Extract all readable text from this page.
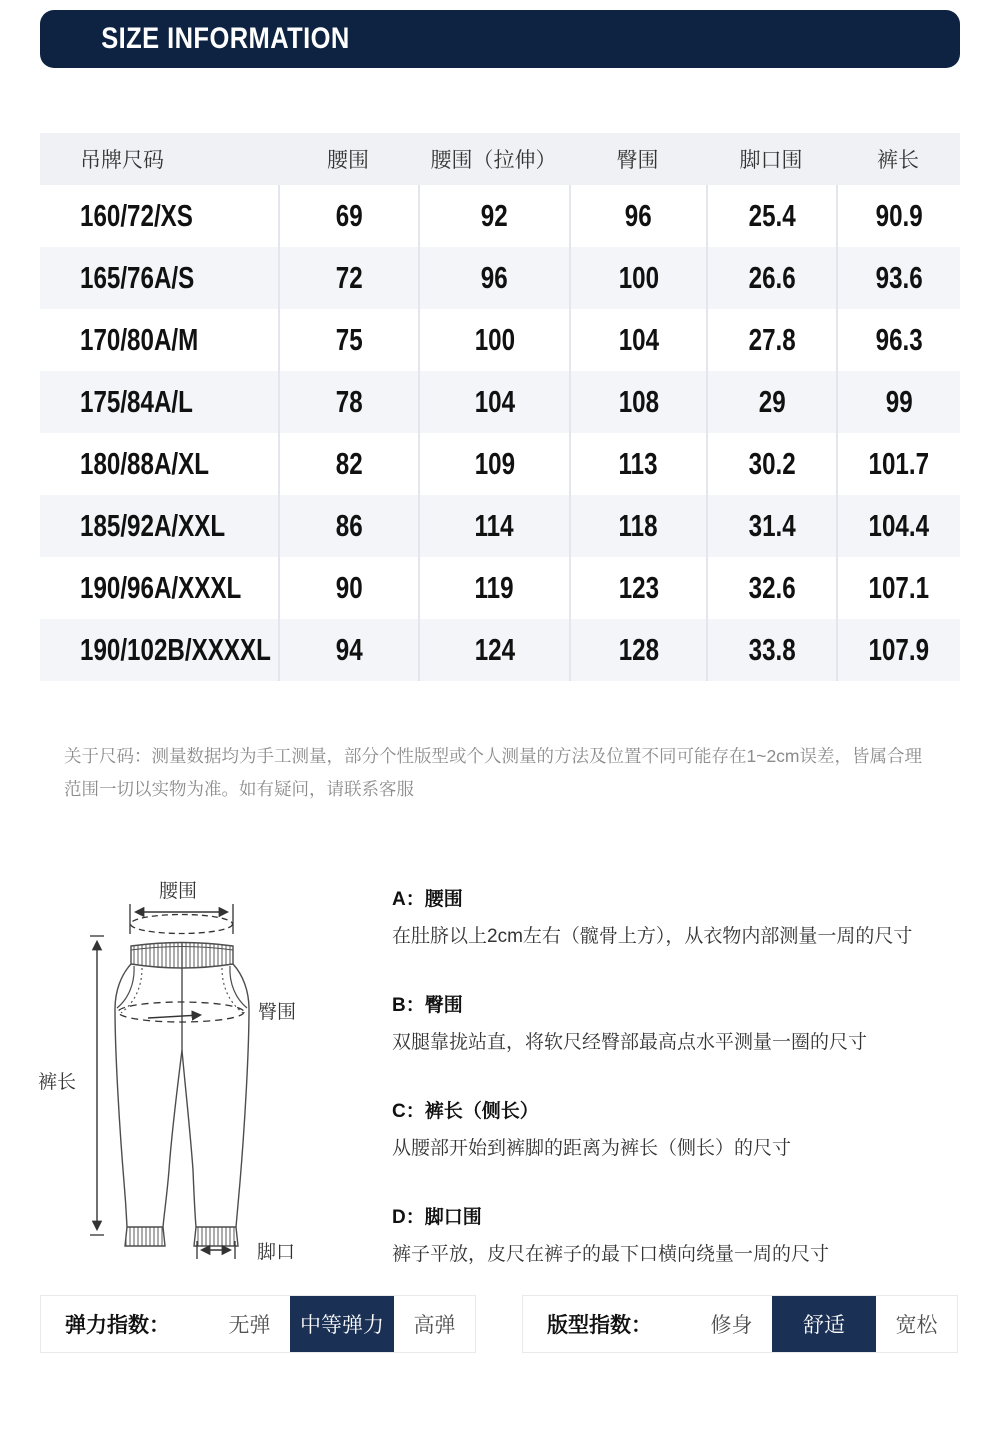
SIZE INFORMATION
吊牌尺码	腰围	腰围（拉伸）	臀围	脚口围	裤长
160/72/XS	69	92	96	25.4	90.9
165/76A/S	72	96	100	26.6	93.6
170/80A/M	75	100	104	27.8	96.3
175/84A/L	78	104	108	29	99
180/88A/XL	82	109	113	30.2 101.7
185/92A/XXL	86	114	118	31.4 104.4
190/96A/XXXL	90	119	123	32.6 107.1
190/102B/XXXXL 94	124	128	33.8 107.9
关于尺码：测量数据均为手工测量，部分个性版型或个人测量的方法及位置不同可能存在1~2cm误差，皆属合理
范围一切以实物为准。如有疑问，请联系客服
腰围
臀围
裤长
脚口
A：腰围
在肚脐以上2cm左右（髋骨上方），从衣物内部测量一周的尺寸
B：臀围
双腿靠拢站直，将软尺经臀部最高点水平测量一圈的尺寸
C：裤长（侧长）
从腰部开始到裤脚的距离为裤长（侧长）的尺寸
D：脚口围
裤子平放，皮尺在裤子的最下口横向绕量一周的尺寸
弹力指数：	无弹	中等弹力	高弹	版型指数：	修身	舒适	宽松
